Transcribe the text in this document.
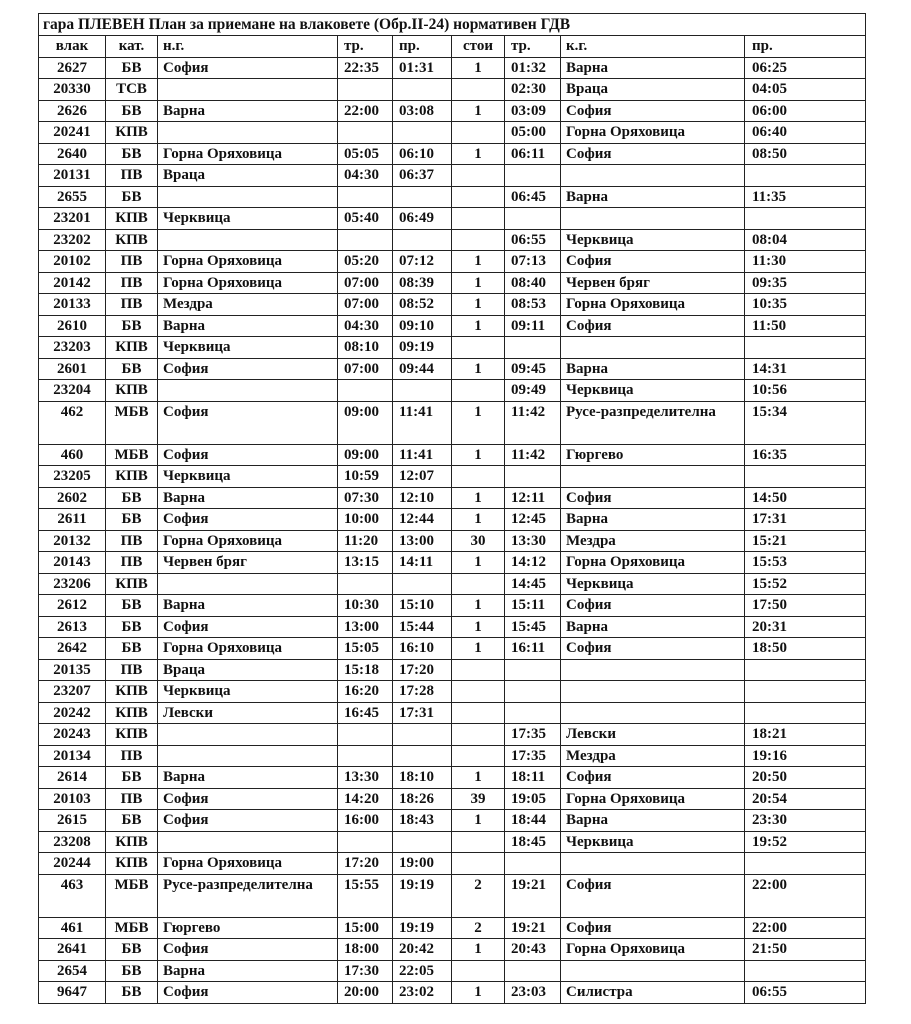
гара ПЛЕВЕН План за приемане на влаковете (Обр.II-24) нормативен ГДВ								
влак	кат.	н.г.	тр.	пр.	стои	тр.	к.г.	пр.
2627	БВ	София	22:35	01:31	1	01:32	Варна	06:25
20330	ТСВ					02:30	Враца	04:05
2626	БВ	Варна	22:00	03:08	1	03:09	София	06:00
20241	КПВ					05:00	Горна Оряховица	06:40
2640	БВ	Горна Оряховица	05:05	06:10	1	06:11	София	08:50
20131	ПВ	Враца	04:30	06:37				
2655	БВ					06:45	Варна	11:35
23201	КПВ	Черквица	05:40	06:49				
23202	КПВ					06:55	Черквица	08:04
20102	ПВ	Горна Оряховица	05:20	07:12	1	07:13	София	11:30
20142	ПВ	Горна Оряховица	07:00	08:39	1	08:40	Червен бряг	09:35
20133	ПВ	Мездра	07:00	08:52	1	08:53	Горна Оряховица	10:35
2610	БВ	Варна	04:30	09:10	1	09:11	София	11:50
23203	КПВ	Черквица	08:10	09:19				
2601	БВ	София	07:00	09:44	1	09:45	Варна	14:31
23204	КПВ					09:49	Черквица	10:56
462	МБВ	София	09:00	11:41	1	11:42	Русе-разпределителна	15:34
460	МБВ	София	09:00	11:41	1	11:42	Гюргево	16:35
23205	КПВ	Черквица	10:59	12:07				
2602	БВ	Варна	07:30	12:10	1	12:11	София	14:50
2611	БВ	София	10:00	12:44	1	12:45	Варна	17:31
20132	ПВ	Горна Оряховица	11:20	13:00	30	13:30	Мездра	15:21
20143	ПВ	Червен бряг	13:15	14:11	1	14:12	Горна Оряховица	15:53
23206	КПВ					14:45	Черквица	15:52
2612	БВ	Варна	10:30	15:10	1	15:11	София	17:50
2613	БВ	София	13:00	15:44	1	15:45	Варна	20:31
2642	БВ	Горна Оряховица	15:05	16:10	1	16:11	София	18:50
20135	ПВ	Враца	15:18	17:20				
23207	КПВ	Черквица	16:20	17:28				
20242	КПВ	Левски	16:45	17:31				
20243	КПВ					17:35	Левски	18:21
20134	ПВ					17:35	Мездра	19:16
2614	БВ	Варна	13:30	18:10	1	18:11	София	20:50
20103	ПВ	София	14:20	18:26	39	19:05	Горна Оряховица	20:54
2615	БВ	София	16:00	18:43	1	18:44	Варна	23:30
23208	КПВ					18:45	Черквица	19:52
20244	КПВ	Горна Оряховица	17:20	19:00				
463	МБВ	Русе-разпределителна	15:55	19:19	2	19:21	София	22:00
461	МБВ	Гюргево	15:00	19:19	2	19:21	София	22:00
2641	БВ	София	18:00	20:42	1	20:43	Горна Оряховица	21:50
2654	БВ	Варна	17:30	22:05				
9647	БВ	София	20:00	23:02	1	23:03	Силистра	06:55
